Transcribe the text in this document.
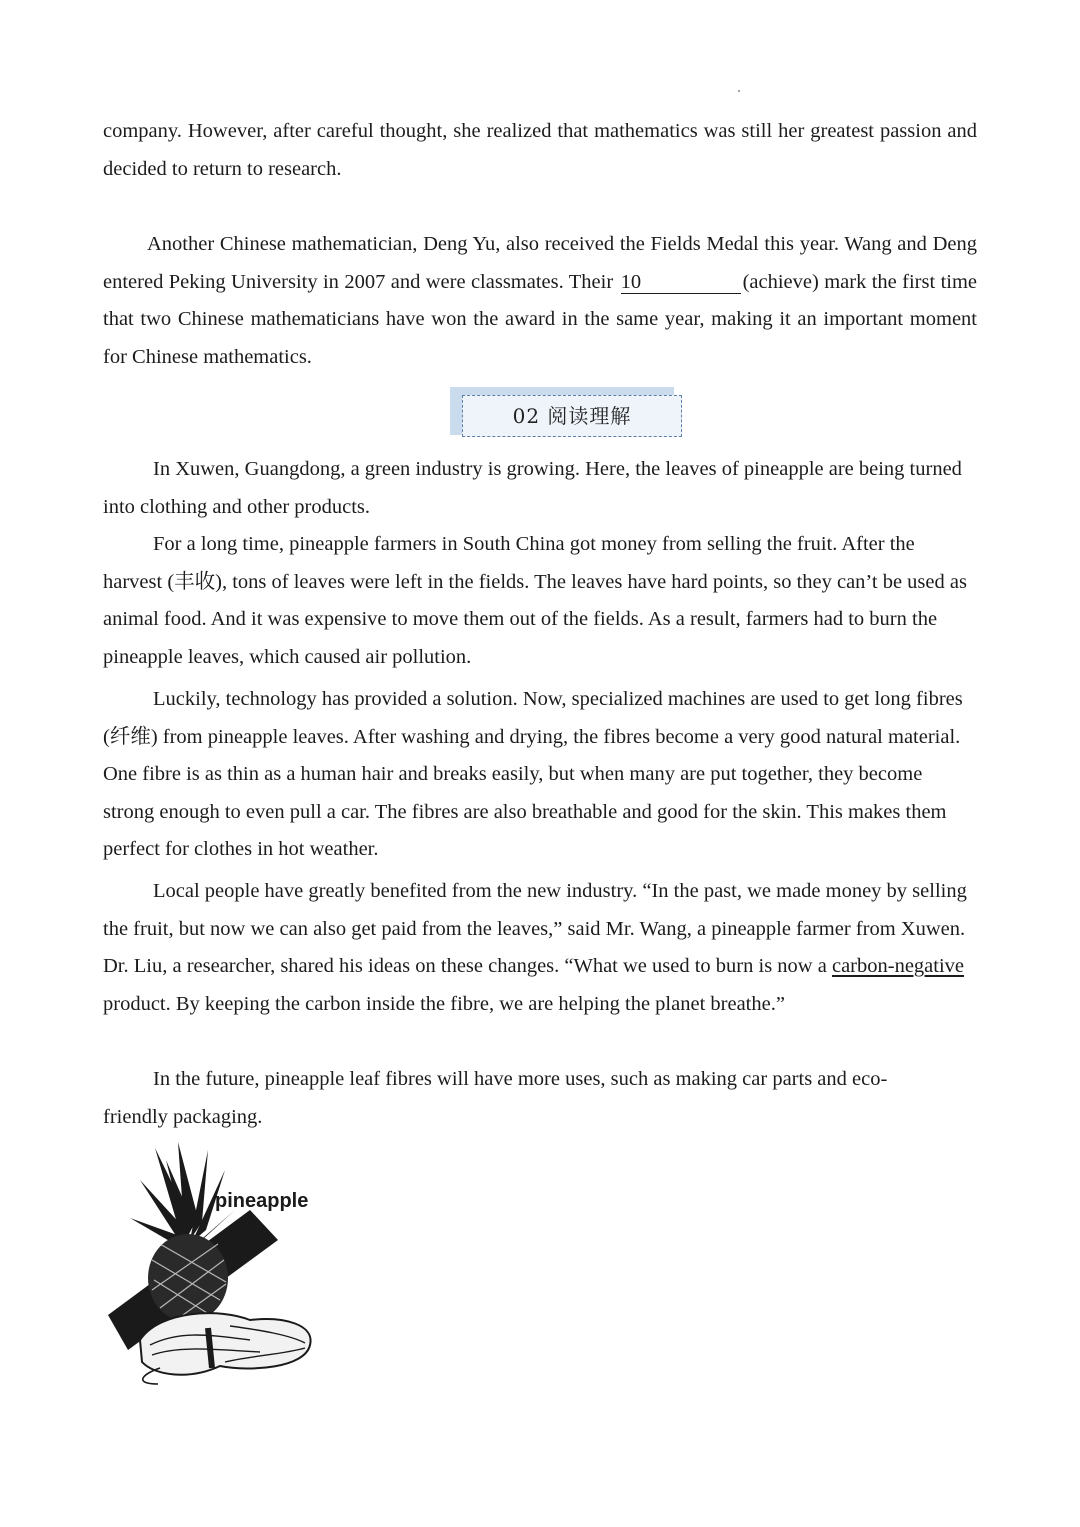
company. However, after careful thought, she realized that mathematics was still her greatest passion and decided to return to research.

Another Chinese mathematician, Deng Yu, also received the Fields Medal this year. Wang and Deng entered Peking University in 2007 and were classmates. Their 10	(achieve) mark the first time that two Chinese mathematicians have won the award in the same year, making it an important moment for Chinese mathematics.

02 阅读理解

In Xuwen, Guangdong, a green industry is growing. Here, the leaves of pineapple are being turned into clothing and other products.

For a long time, pineapple farmers in South China got money from selling the fruit. After the harvest (丰收), tons of leaves were left in the fields. The leaves have hard points, so they can’t be used as animal food. And it was expensive to move them out of the fields. As a result, farmers had to burn the pineapple leaves, which caused air pollution.

Luckily, technology has provided a solution. Now, specialized machines are used to get long fibres (纤维) from pineapple leaves. After washing and drying, the fibres become a very good natural material. One fibre is as thin as a human hair and breaks easily, but when many are put together, they become strong enough to even pull a car. The fibres are also breathable and good for the skin. This makes them perfect for clothes in hot weather.

Local people have greatly benefited from the new industry. “In the past, we made money by selling the fruit, but now we can also get paid from the leaves,” said Mr. Wang, a pineapple farmer from Xuwen. Dr. Liu, a researcher, shared his ideas on these changes. “What we used to burn is now a carbon-negative product. By keeping the carbon inside the fibre, we are helping the planet breathe.”

In the future, pineapple leaf fibres will have more uses, such as making car parts and eco-friendly packaging.

pineapple
